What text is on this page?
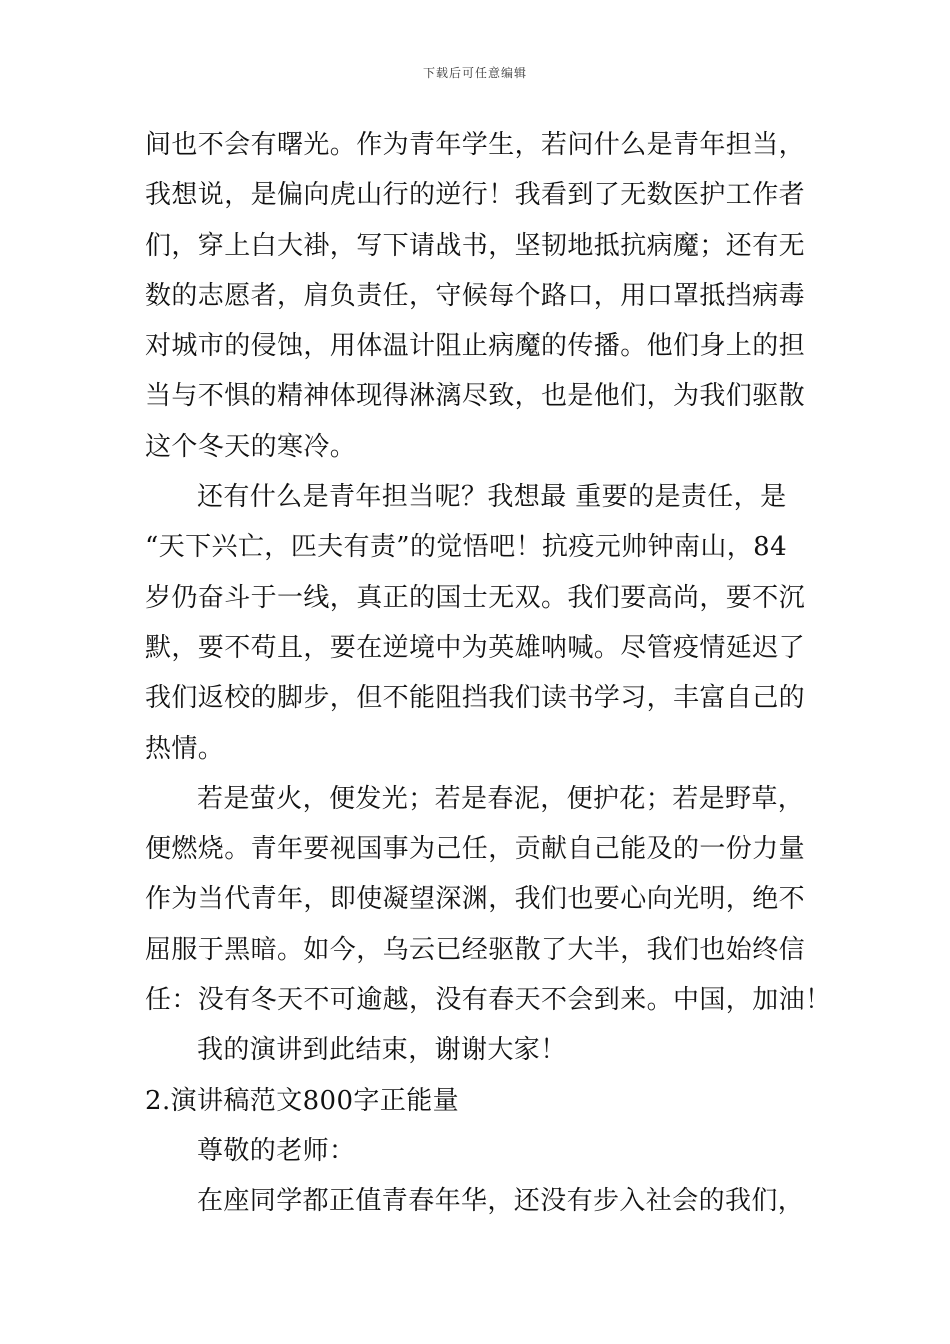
下载后可任意编辑
间也不会有曙光。作为青年学生，若问什么是青年担当，
我想说，是偏向虎山行的逆行！我看到了无数医护工作者
们，穿上白大褂，写下请战书，坚韧地抵抗病魔；还有无
数的志愿者，肩负责任，守候每个路口，用口罩抵挡病毒
对城市的侵蚀，用体温计阻止病魔的传播。他们身上的担
当与不惧的精神体现得淋漓尽致，也是他们，为我们驱散
这个冬天的寒冷。
还有什么是青年担当呢？我想最 重要的是责任，是
“天下兴亡，匹夫有责”的觉悟吧！抗疫元帅钟南山，84
岁仍奋斗于一线，真正的国士无双。我们要高尚，要不沉
默，要不苟且，要在逆境中为英雄呐喊。尽管疫情延迟了
我们返校的脚步，但不能阻挡我们读书学习，丰富自己的
热情。
若是萤火，便发光；若是春泥，便护花；若是野草，
便燃烧。青年要视国事为己任，贡献自己能及的一份力量
作为当代青年，即使凝望深渊，我们也要心向光明，绝不
屈服于黑暗。如今，乌云已经驱散了大半，我们也始终信
任：没有冬天不可逾越，没有春天不会到来。中国，加油！
我的演讲到此结束，谢谢大家！
2.演讲稿范文800字正能量
尊敬的老师：
在座同学都正值青春年华，还没有步入社会的我们，
